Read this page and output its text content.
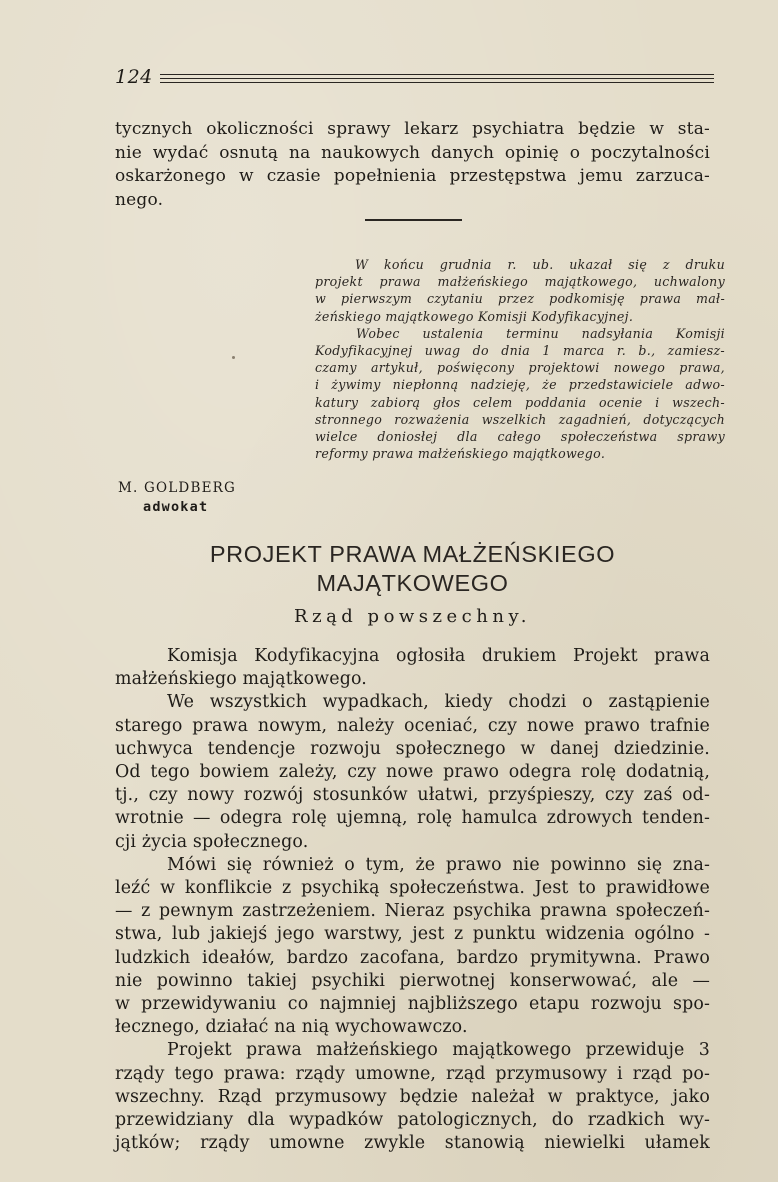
124
tycznych okoliczności sprawy lekarz psychiatra będzie w sta-
nie wydać osnutą na naukowych danych opinię o poczytalności
oskarżonego w czasie popełnienia przestępstwa jemu zarzuca-
nego.
W końcu grudnia r. ub. ukazał się z druku
projekt prawa małżeńskiego majątkowego, uchwalony
w pierwszym czytaniu przez podkomisję prawa mał-
żeńskiego majątkowego Komisji Kodyfikacyjnej.
Wobec ustalenia terminu nadsyłania Komisji
Kodyfikacyjnej uwag do dnia 1 marca r. b., zamiesz-
czamy artykuł, poświęcony projektowi nowego prawa,
i żywimy niepłonną nadzieję, że przedstawiciele adwo-
katury zabiorą głos celem poddania ocenie i wszech-
stronnego rozważenia wszelkich zagadnień, dotyczących
wielce doniosłej dla całego społeczeństwa sprawy
reformy prawa małżeńskiego majątkowego.
M. GOLDBERG
adwokat
PROJEKT PRAWA MAŁŻEŃSKIEGO
MAJĄTKOWEGO
Rząd powszechny.
Komisja Kodyfikacyjna ogłosiła drukiem Projekt prawa
małżeńskiego majątkowego.
We wszystkich wypadkach, kiedy chodzi o zastąpienie
starego prawa nowym, należy oceniać, czy nowe prawo trafnie
uchwyca tendencje rozwoju społecznego w danej dziedzinie.
Od tego bowiem zależy, czy nowe prawo odegra rolę dodatnią,
tj., czy nowy rozwój stosunków ułatwi, przyśpieszy, czy zaś od-
wrotnie — odegra rolę ujemną, rolę hamulca zdrowych tenden-
cji życia społecznego.
Mówi się również o tym, że prawo nie powinno się zna-
leźć w konflikcie z psychiką społeczeństwa. Jest to prawidłowe
— z pewnym zastrzeżeniem. Nieraz psychika prawna społeczeń-
stwa, lub jakiejś jego warstwy, jest z punktu widzenia ogólno -
ludzkich ideałów, bardzo zacofana, bardzo prymitywna. Prawo
nie powinno takiej psychiki pierwotnej konserwować, ale —
w przewidywaniu co najmniej najbliższego etapu rozwoju spo-
łecznego, działać na nią wychowawczo.
Projekt prawa małżeńskiego majątkowego przewiduje 3
rządy tego prawa: rządy umowne, rząd przymusowy i rząd po-
wszechny. Rząd przymusowy będzie należał w praktyce, jako
przewidziany dla wypadków patologicznych, do rzadkich wy-
jątków; rządy umowne zwykle stanowią niewielki ułamek
